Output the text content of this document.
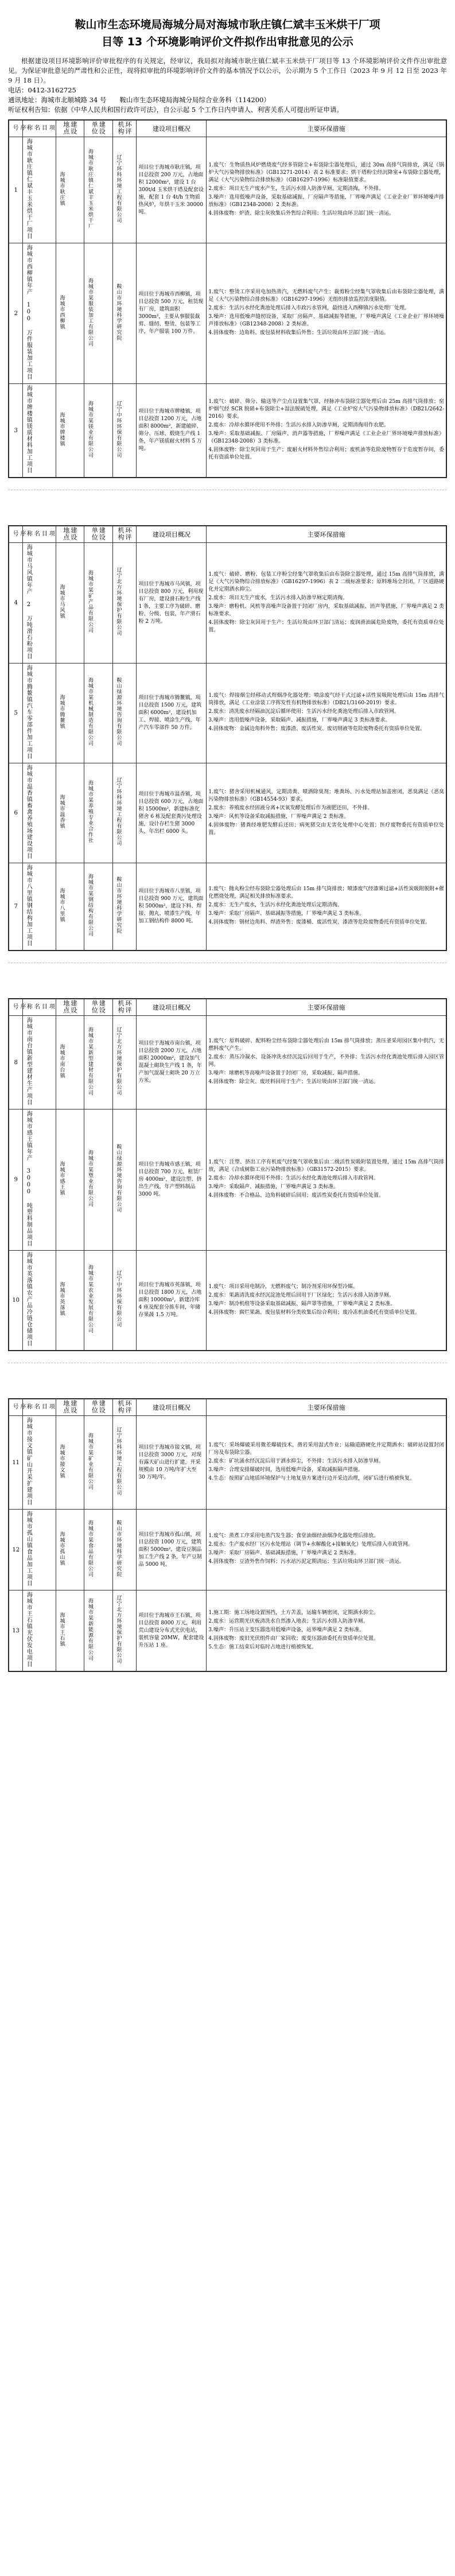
鞍山市生态环境局海城分局对海城市耿庄镇仁斌丰玉米烘干厂项
目等 13 个环境影响评价文件拟作出审批意见的公示

根据建设项目环境影响评价审批程序的有关规定，经审议，我局拟对海城市耿庄镇仁斌丰玉米烘干厂项目等 13 个环境影响评价文件作出审批意见。为保证审批意见的严肃性和公正性，现将拟审批的环境影响评价文件的基本情况予以公示，公示期为 5 个工作日（2023 年 9 月 12 日至 2023 年 9 月 18 日）。

电话：0412-3162725
通讯地址：海城市北顺城路 34 号　　鞍山市生态环境局海城分局综合业务科（114200）
听证权利告知：依据《中华人民共和国行政许可法》，自公示起 5 个工作日内申请人、利害关系人可提出听证申请。
序号	项目名称	建设地点	建设单位	环评机构	建设项目概况	主要环保措施
1	海城市耿庄镇仁斌丰玉米烘干厂项目	海城市耿庄镇	海城市耿庄镇仁斌丰玉米烘干厂	辽宁环科环境工程有限公司	项目位于海城市耿庄镇，项目总投资 200 万元，占地面积 12000m²，建设 1 台 300t/d 玉米烘干塔及配套设施，配套 1 台 4t/h 生物质热风炉，年烘干玉米 30000 吨。	1.废气：生物质热风炉燃烧废气经多管除尘+布袋除尘器处理后，通过 30m 高排气筒排放，满足《锅炉大气污染物排放标准》（GB13271-2014）表 2 标准要求；烘干塔粉尘经沉降室+布袋除尘器处理，满足《大气污染物综合排放标准》（GB16297-1996）标准限值要求。

2.废水：项目无生产废水产生，生活污水排入防渗旱厕，定期清掏，不外排。

3.噪声：选用低噪声设备，采取基础减振、厂房隔声等措施，厂界噪声满足《工业企业厂界环境噪声排放标准》（GB12348-2008）2 类标准。

4.固体废物：炉渣、除尘灰收集后外售综合利用；生活垃圾由环卫部门统一清运。

2	海城市西柳镇年产 100 万件服装加工项目	海城市西柳镇	海城市某服装加工有限公司	鞍山市环境科学研究院	项目位于海城市西柳镇，项目总投资 500 万元，租赁现有厂房，建筑面积 3000m²，主要从事服装裁剪、缝纫、整烫、包装等工序，年产服装 100 万件。	1.废气：整烫工序采用电加热蒸汽，无燃料废气产生；裁剪粉尘经集气罩收集后由布袋除尘器处理，满足《大气污染物综合排放标准》（GB16297-1996）无组织排放监控浓度限值。

2.废水：生活污水经化粪池处理后排入市政污水管网，最终进入西柳镇污水处理厂处理。

3.噪声：选用低噪声缝纫设备，采取厂房隔声、基础减振等措施，厂界噪声满足《工业企业厂界环境噪声排放标准》（GB12348-2008）2 类标准。

4.固体废物：边角料、废包装材料收集后外售；生活垃圾由环卫部门统一清运。

3	海城市牌楼镇镁质材料加工项目	海城市牌楼镇	海城市某镁业有限公司	辽宁中环环保有限公司	项目位于海城市牌楼镇，项目总投资 1200 万元，占地面积 8000m²，新建破碎、筛分、压球、煅烧生产线 1 条，年产镁质耐火材料 5 万吨。	1.废气：破碎、筛分、输送等产尘点设置集气罩，经脉冲布袋除尘器处理后由 25m 高排气筒排放；窑炉烟气经 SCR 脱硝+布袋除尘+湿法脱硫处理，满足《工业炉窑大气污染物排放标准》（DB21/2642-2016）要求。

2.废水：冷却水循环使用不外排；生活污水排入防渗旱厕，定期清掏用作农肥。

3.噪声：采取基础减振、厂房隔声、消声器等措施，厂界噪声满足《工业企业厂界环境噪声排放标准》（GB12348-2008）3 类标准。

4.固体废物：除尘灰回用于生产；废耐火材料外售综合利用；废机油等危险废物暂存于危废暂存间，委托有资质单位处置。

序号	项目名称	建设地点	建设单位	环评机构	建设项目概况	主要环保措施
4	海城市马风镇年产 2 万吨滑石粉项目	海城市马风镇	海城市某矿产品有限公司	辽宁北方环境保护有限公司	项目位于海城市马风镇，项目总投资 800 万元，利用现有厂房，建设滑石粉生产线 1 条，主要工序为破碎、磨粉、分级、包装，年产滑石粉 2 万吨。	1.废气：破碎、磨粉、包装工序粉尘经集气罩收集后由布袋除尘器处理，通过 15m 高排气筒排放，满足《大气污染物综合排放标准》（GB16297-1996）表 2 二级标准要求；原料堆场全封闭，厂区道路硬化并定期洒水抑尘。

2.废水：项目无生产废水，生活污水排入防渗旱厕定期清掏。

3.噪声：磨粉机、风机等高噪声设备置于封闭厂房内，采取基础减振、消声等措施，厂界噪声满足 2 类标准要求。

4.固体废物：除尘灰回用于生产；生活垃圾由环卫部门清运；废润滑油属危险废物，委托有资质单位处置。

5	海城市腾鳌镇汽车零部件加工项目	海城市腾鳌镇	海城市某机械制造有限公司	鞍山绿源环境咨询有限公司	项目位于海城市腾鳌镇，项目总投资 1500 万元，建筑面积 6000m²，建设机加工、焊接、喷涂生产线，年产汽车零部件 50 万件。	1.废气：焊接烟尘经移动式焊烟净化器处理；喷涂废气经干式过滤+活性炭吸附处理后由 15m 高排气筒排放，满足《工业涂装工序挥发性有机物排放标准》（DB21/3160-2019）要求。

2.废水：清洗废水经隔油沉淀后循环使用；生活污水经化粪池处理后排入市政管网。

3.噪声：选用低噪声设备，采取隔声、减振措施，厂界噪声满足 3 类标准要求。

4.固体废物：金属边角料外售；废漆渣、废活性炭、废切削液等危险废物委托有资质单位处置。

6	海城市温香镇畜禽养殖场建设项目	海城市温香镇	海城市某养殖专业合作社	辽宁环科环境工程有限公司	项目位于海城市温香镇，项目总投资 600 万元，占地面积 15000m²，新建标准化猪舍 6 栋及配套粪污处理设施，设计存栏生猪 3000 头，年出栏 6000 头。	1.废气：猪舍采用机械通风，定期清粪、喷洒除臭剂；堆粪场、污水处理站加盖密闭，恶臭满足《恶臭污染物排放标准》（GB14554-93）要求。

2.废水：养殖废水经固液分离+厌氧发酵处理后作为液肥还田，不外排。

3.噪声：风机等设备采取减振措施，厂界噪声满足 2 类标准。

4.固体废物：猪粪经堆肥发酵后还田；病死猪交由无害化处理中心处置；医疗废物委托有资质单位处置。

7	海城市八里镇钢结构加工项目	海城市八里镇	海城市某钢结构有限公司	鞍山市环境科学研究院	项目位于海城市八里镇，项目总投资 900 万元，建筑面积 5000m²，建设下料、焊接、抛丸、喷漆生产线，年加工钢结构件 8000 吨。	1.废气：抛丸粉尘经布袋除尘器处理后由 15m 排气筒排放；喷漆废气经漆雾过滤+活性炭吸附脱附+催化燃烧处理，满足相关排放标准要求。

2.废水：无生产废水，生活污水经化粪池处理后定期清掏。

3.噪声：采取厂房隔声、基础减振等措施，厂界噪声满足 3 类标准。

4.固体废物：钢材边角料、焊渣外售；废漆桶、废活性炭、漆渣等危险废物委托有资质单位处置。

序号	项目名称	建设地点	建设单位	环评机构	建设项目概况	主要环保措施
8	海城市南台镇新型建材生产项目	海城市南台镇	海城市某新型建材有限公司	辽宁北方环境保护有限公司	项目位于海城市南台镇，项目总投资 2000 万元，占地面积 20000m²，建设加气混凝土砌块生产线 1 条，年产加气混凝土砌块 20 万立方米。	1.废气：原料破碎、配料粉尘经布袋除尘器处理后由 15m 排气筒排放；蒸压釜采用园区集中供汽，无燃料废气产生。

2.废水：蒸压冷凝水、设备冲洗水经沉淀后回用于生产，不外排；生活污水经化粪池处理后排入园区管网。

3.噪声：球磨机等高噪声设备置于封闭厂房，采取减振、隔声措施。

4.固体废物：除尘灰、废坯料回用于生产；生活垃圾由环卫部门统一清运。

9	海城市感王镇年产 3000 吨塑料制品项目	海城市感王镇	海城市某塑业有限公司	鞍山绿源环境咨询有限公司	项目位于海城市感王镇，项目总投资 700 万元，租赁厂房 4000m²，建设注塑、挤出生产线，年产塑料制品 3000 吨。	1.废气：注塑、挤出工序有机废气经集气罩收集后由二级活性炭吸附装置处理，通过 15m 高排气筒排放，满足《合成树脂工业污染物排放标准》（GB31572-2015）要求。

2.废水：冷却水循环使用不外排；生活污水经化粪池处理后排入市政管网。

3.噪声：采取隔声、减振措施，厂界噪声满足 3 类标准。

4.固体废物：不合格品、边角料破碎后回用；废活性炭委托有资质单位处置。

10	海城市英落镇农产品冷链仓储项目	海城市英落镇	海城市某农业发展有限公司	辽宁中环环保有限公司	项目位于海城市英落镇，项目总投资 1800 万元，占地面积 10000m²，新建冷库 4 座及配套分拣车间，年储存果蔬 1.5 万吨。	1.废气：项目采用电制冷，无燃料废气；制冷剂采用环保型冷媒。

2.废水：果蔬清洗废水经沉淀池处理后回用于厂区绿化；生活污水排入防渗旱厕。

3.噪声：制冷机组等设备采取基础减振、隔声罩等措施，厂界噪声满足 2 类标准。

4.固体废物：腐烂果蔬、废包装材料分类收集后综合利用；废冷冻机油委托有资质单位处置。

序号	项目名称	建设地点	建设单位	环评机构	建设项目概况	主要环保措施
11	海城市接文镇矿山开采扩建项目	海城市接文镇	海城市某矿业有限公司	辽宁环科环境工程有限公司	项目位于海城市接文镇，项目总投资 3000 万元，对现有露天矿山进行扩建，开采规模由 10 万吨/年扩大至 30 万吨/年。	1.废气：采场爆破采用微差爆破技术，凿岩采用湿式作业；运输道路硬化并定期洒水；破碎站设置封闭厂房及布袋除尘器。

2.废水：矿坑涌水经沉淀后用于洒水抑尘，不外排；生活污水排入防渗旱厕。

3.噪声：合理安排爆破时间，选用低噪声设备，采取减振隔声措施。

4.生态：按照矿山地质环境保护与土地复垦方案进行边开采边治理，闭矿后进行植被恢复。

12	海城市孤山镇食品加工项目	海城市孤山镇	海城市某食品有限公司	鞍山市环境科学研究院	项目位于海城市孤山镇，项目总投资 1000 万元，建筑面积 5000m²，建设豆制品加工生产线 2 条，年产豆制品 5000 吨。	1.废气：蒸煮工序采用电蒸汽发生器；食堂油烟经油烟净化器处理后排放。

2.废水：生产废水经厂区污水处理站（调节+水解酸化+接触氧化）处理后排入市政管网。

3.噪声：采取厂房隔声、基础减振措施，厂界噪声满足 2 类标准。

4.固体废物：豆渣外售作饲料；污水站污泥定期清运；生活垃圾由环卫部门统一清运。

13	海城市王石镇光伏发电项目	海城市王石镇	海城市某新能源有限公司	辽宁北方环境保护有限公司	项目位于海城市王石镇，项目总投资 8000 万元，利用荒山建设分布式光伏电站，装机容量 20MW，配套建设升压站 1 座。	1.施工期：施工场地设置围挡，土方苫盖，运输车辆密闭，定期洒水抑尘。

2.废水：运营期光伏板清洗水自然渗入地表；生活污水排入防渗旱厕。

3.噪声：升压站主变压器选用低噪声设备，站界噪声满足 2 类标准。

4.固体废物：废旧光伏组件由厂家回收；废变压器油委托有资质单位处置。

5.生态：施工结束后对临时占地进行植被恢复。
